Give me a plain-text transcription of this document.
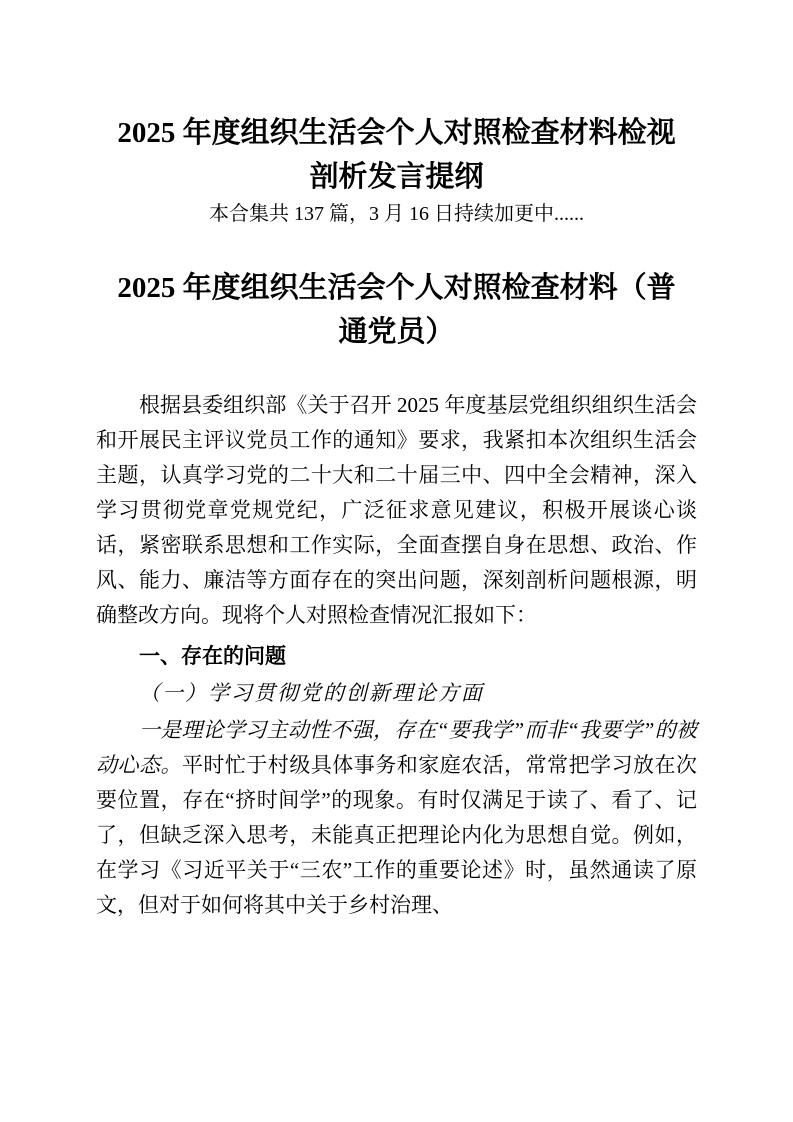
2025 年度组织生活会个人对照检查材料检视剖析发言提纲

本合集共 137 篇，3 月 16 日持续加更中......

2025 年度组织生活会个人对照检查材料（普通党员）

根据县委组织部《关于召开 2025 年度基层党组织组织生活会和开展民主评议党员工作的通知》要求，我紧扣本次组织生活会主题，认真学习党的二十大和二十届三中、四中全会精神，深入学习贯彻党章党规党纪，广泛征求意见建议，积极开展谈心谈话，紧密联系思想和工作实际，全面查摆自身在思想、政治、作风、能力、廉洁等方面存在的突出问题，深刻剖析问题根源，明确整改方向。现将个人对照检查情况汇报如下：

一、存在的问题
（一）学习贯彻党的创新理论方面

一是理论学习主动性不强，存在“要我学”而非“我要学”的被动心态。平时忙于村级具体事务和家庭农活，常常把学习放在次要位置，存在“挤时间学”的现象。有时仅满足于读了、看了、记了，但缺乏深入思考，未能真正把理论内化为思想自觉。例如，在学习《习近平关于“三农”工作的重要论述》时，虽然通读了原文，但对于如何将其中关于乡村治理、
